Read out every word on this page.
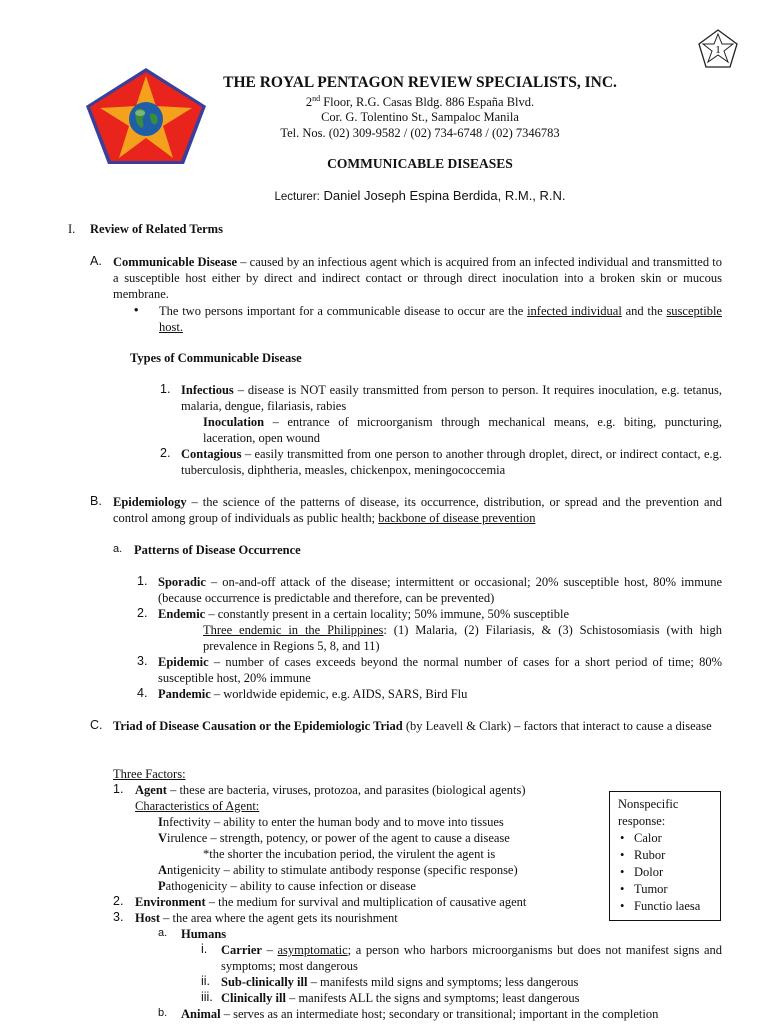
1
THE ROYAL PENTAGON REVIEW SPECIALISTS, INC.
2nd Floor, R.G. Casas Bldg. 886 España Blvd.
Cor. G. Tolentino St., Sampaloc Manila
Tel. Nos. (02) 309-9582 / (02) 734-6748 / (02) 7346783
COMMUNICABLE DISEASES
Lecturer: Daniel Joseph Espina Berdida, R.M., R.N.
I. Review of Related Terms
A. Communicable Disease – caused by an infectious agent which is acquired from an infected individual and transmitted to a susceptible host either by direct and indirect contact or through direct inoculation into a broken skin or mucous membrane.
• The two persons important for a communicable disease to occur are the infected individual and the susceptible host.
Types of Communicable Disease
1. Infectious – disease is NOT easily transmitted from person to person. It requires inoculation, e.g. tetanus, malaria, dengue, filariasis, rabies
Inoculation – entrance of microorganism through mechanical means, e.g. biting, puncturing, laceration, open wound
2. Contagious – easily transmitted from one person to another through droplet, direct, or indirect contact, e.g. tuberculosis, diphtheria, measles, chickenpox, meningococcemia
B. Epidemiology – the science of the patterns of disease, its occurrence, distribution, or spread and the prevention and control among group of individuals as public health; backbone of disease prevention
a. Patterns of Disease Occurrence
1. Sporadic – on-and-off attack of the disease; intermittent or occasional; 20% susceptible host, 80% immune (because occurrence is predictable and therefore, can be prevented)
2. Endemic – constantly present in a certain locality; 50% immune, 50% susceptible
Three endemic in the Philippines: (1) Malaria, (2) Filariasis, & (3) Schistosomiasis (with high prevalence in Regions 5, 8, and 11)
3. Epidemic – number of cases exceeds beyond the normal number of cases for a short period of time; 80% susceptible host, 20% immune
4. Pandemic – worldwide epidemic, e.g. AIDS, SARS, Bird Flu
C. Triad of Disease Causation or the Epidemiologic Triad (by Leavell & Clark) – factors that interact to cause a disease
Three Factors:
1. Agent – these are bacteria, viruses, protozoa, and parasites (biological agents)
Characteristics of Agent:
Infectivity – ability to enter the human body and to move into tissues
Virulence – strength, potency, or power of the agent to cause a disease
*the shorter the incubation period, the virulent the agent is
Antigenicity – ability to stimulate antibody response (specific response)
Pathogenicity – ability to cause infection or disease
2. Environment – the medium for survival and multiplication of causative agent
3. Host – the area where the agent gets its nourishment
a. Humans
i. Carrier – asymptomatic; a person who harbors microorganisms but does not manifest signs and symptoms; most dangerous
ii. Sub-clinically ill – manifests mild signs and symptoms; less dangerous
iii. Clinically ill – manifests ALL the signs and symptoms; least dangerous
b. Animal – serves as an intermediate host; secondary or transitional; important in the completion
Nonspecific
response:
• Calor
• Rubor
• Dolor
• Tumor
• Functio laesa
